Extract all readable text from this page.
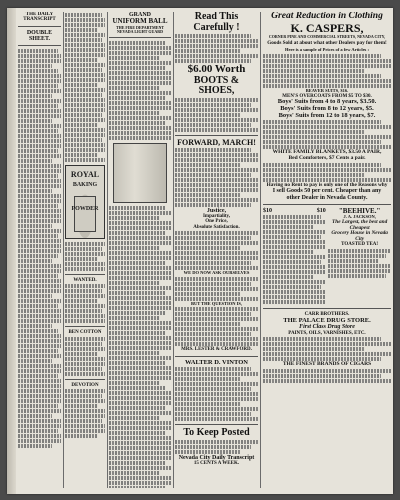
THE DAILY TRANSCRIPT
DOUBLE SHEET.
ROYAL
BAKING
POWDER
WANTED.
BEN COTTON
DEVOTION
GRAND
UNIFORM BALL
THE FIRE DEPARTMENT
NEVADA LIGHT GUARD
Read This Carefully !
$6.00 Worth
BOOTS & SHOES,
FORWARD, MARCH!
Justice,
Impartiality,
One Price,
Absolute Satisfaction.
WE DO NOW ASK OURSELVES
BUT THE QUESTION IS,
MRS. LESTER & CRAWFORD.
WALTER D. VINTON
To Keep Posted
Nevada City Daily Transcript
15 CENTS A WEEK.
Great Reduction in Clothing
K. CASPERS,
CORNER PINE AND COMMERCIAL STREETS, NEVADA CITY,
Goods Sold at about what other Dealers pay for them!
Here is a sample of Prices of a few Articles :
BEAVER SUITS, $16.
MEN'S OVERCOATS FROM $5 TO $30.
Boys' Suits from 4 to 8 years, $3.50.
Boys' Suits from 8 to 12 years, $5.
Boys' Suits from 12 to 18 years, $7.
WHITE FAMILY BLANKETS, $3.50 A PAIR,
Bed Comforters, $7 Cents a pair.
Having no Rent to pay is only one of the Reasons why
I sell Goods 50 per cent. Cheaper than any
other Dealer in Nevada County.
$10	$10	"BEEHIVE."
J. A. JACKSON,
The Largest, the best and Cheapest
Grocery House in Nevada City
TOASTED TEA!
CARR BROTHERS.
THE PALACE DRUG STORE.
First Class Drug Store
PAINTS, OILS, VARNISHES, ETC.
THE FINEST BRANDS OF CIGARS
